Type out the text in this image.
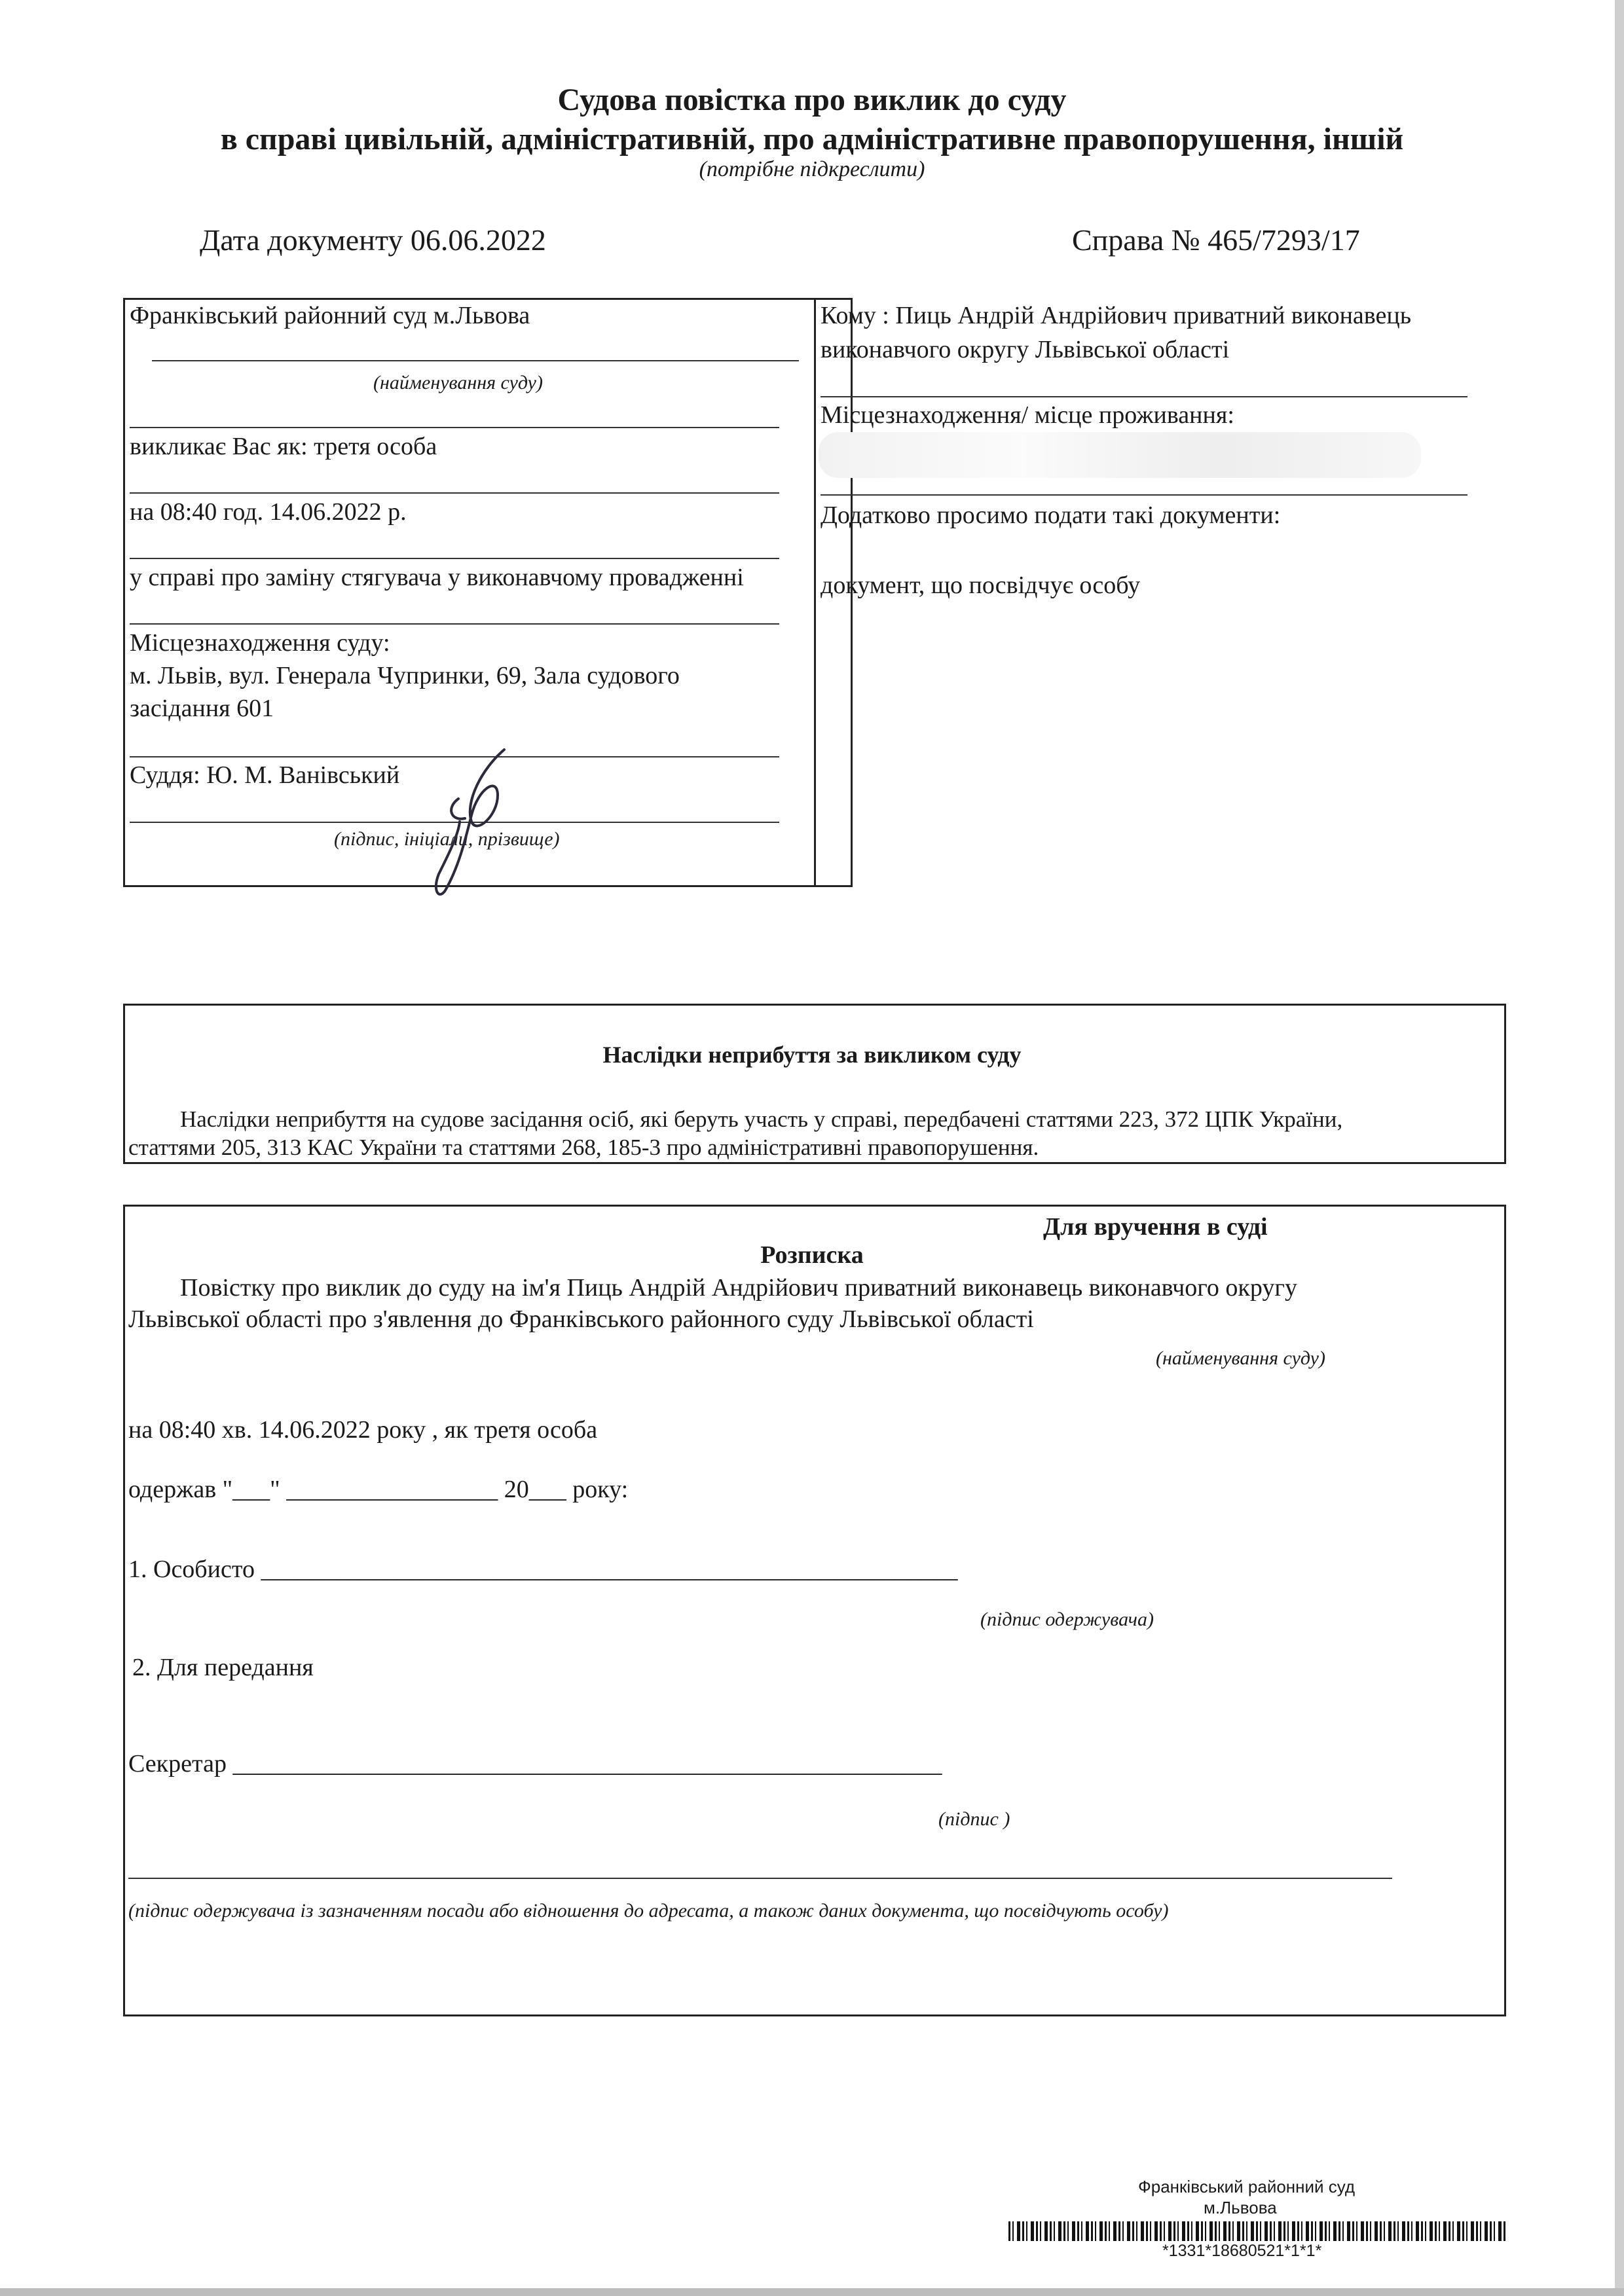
Судова повістка про виклик до суду
в справі цивільній, адміністративній, про адміністративне правопорушення, іншій
(потрібне підкреслити)
Дата документу 06.06.2022	Справа № 465/7293/17
Франківський районний суд м.Львова
(найменування суду)
викликає Вас як: третя особа
на 08:40 год. 14.06.2022 р.
у справі про заміну стягувача у виконавчому провадженні
Місцезнаходження суду:
м. Львів, вул. Генерала Чупринки, 69, Зала судового
засідання 601
Суддя: Ю. М. Ванівський
(підпис, ініціали, прізвище)
Кому : Пиць Андрій Андрійович приватний виконавець
виконавчого округу Львівської області
Місцезнаходження/ місце проживання:
Додатково просимо подати такі документи:
документ, що посвідчує особу
Наслідки неприбуття за викликом суду
Наслідки неприбуття на судове засідання осіб, які беруть участь у справі, передбачені статтями 223, 372 ЦПК України,
статтями 205, 313 КАС України та статтями 268, 185-3 про адміністративні правопорушення.
Для вручення в суді
Розписка
Повістку про виклик до суду на ім'я Пиць Андрій Андрійович приватний виконавець виконавчого округу
Львівської області про з'явлення до Франківського районного суду Львівської області
(найменування суду)
на 08:40 хв. 14.06.2022 року , як третя особа
одержав "___" _________________ 20___ року:
1. Особисто ________________________________________________________
(підпис одержувача)
2. Для передання
Секретар _________________________________________________________
(підпис )
(підпис одержувача із зазначенням посади або відношення до адресата, а також даних документа, що посвідчують особу)
Франківський районний суд
м.Львова
*1331*18680521*1*1*
